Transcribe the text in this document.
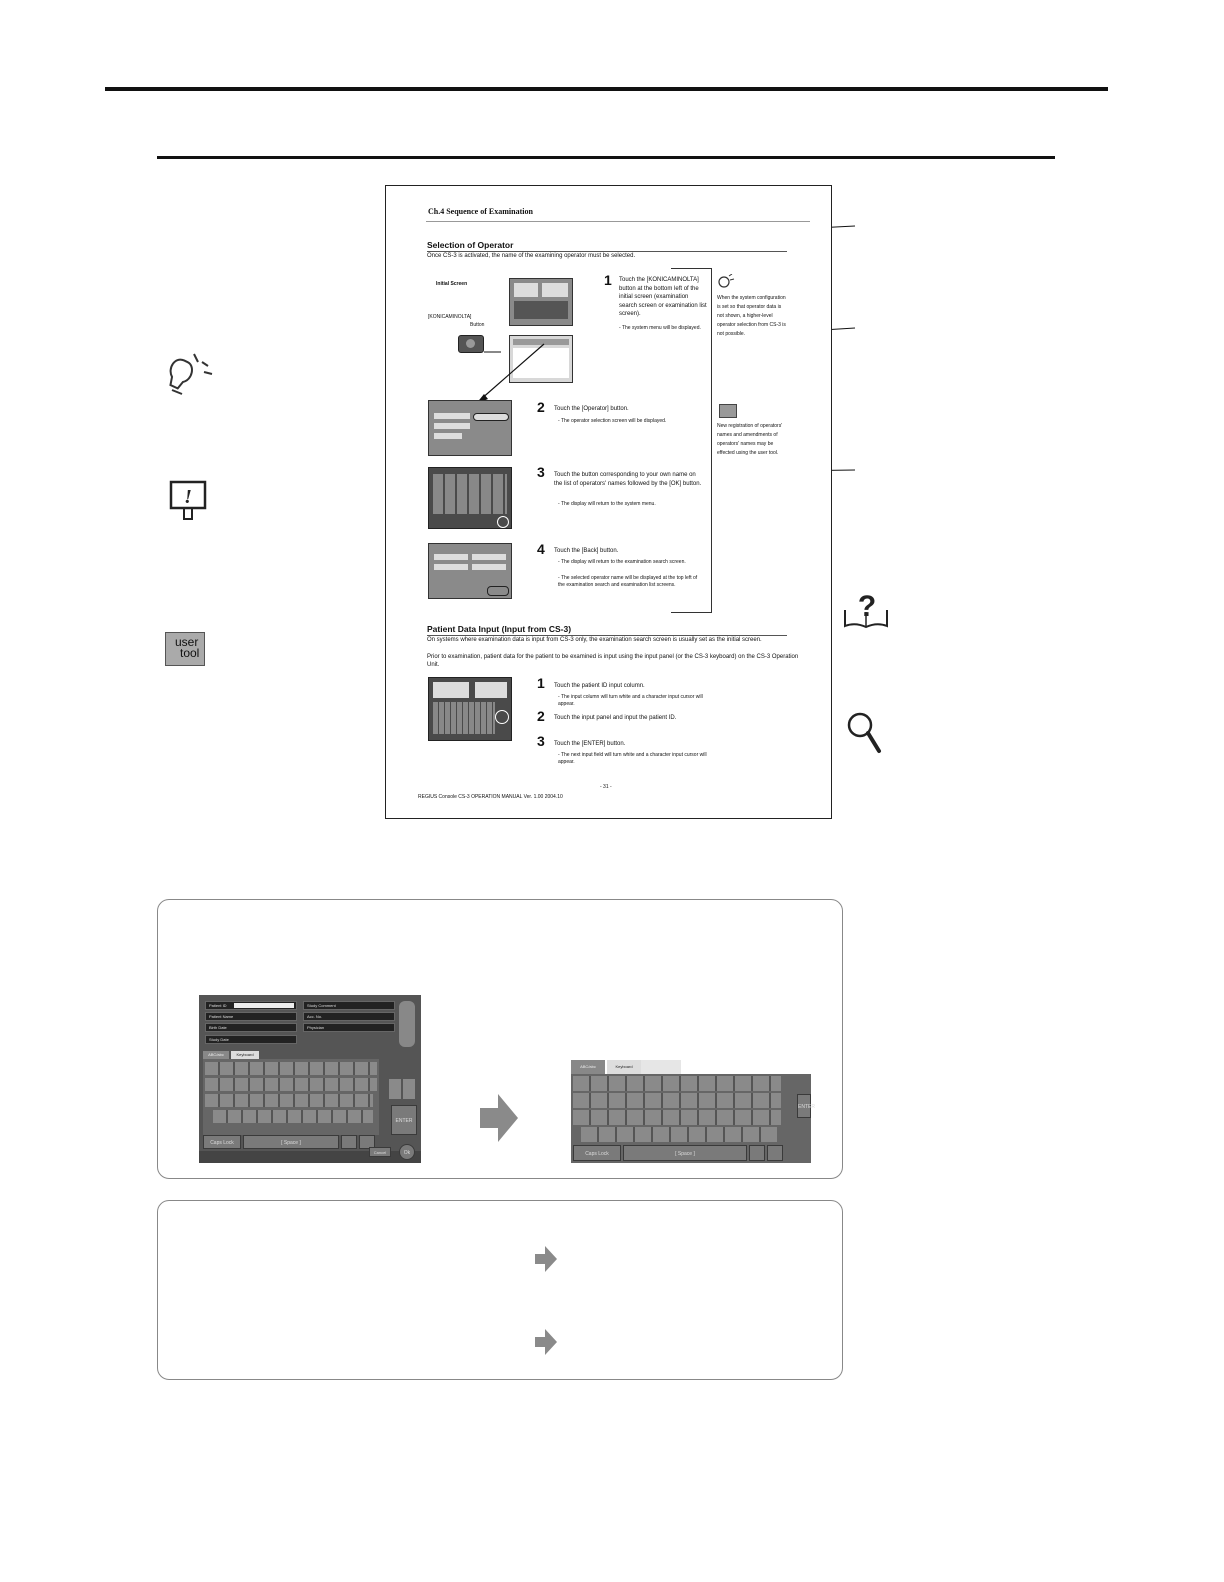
!
user
tool
?
Ch.4 Sequence of Examination
Selection of Operator
Once CS-3 is activated, the name of the examining operator must be selected.
Initial Screen
[KONICAMINOLTA]
Button
1 Touch the [KONICAMINOLTA] button at the bottom left of the initial screen (examination search screen or examination list screen).
- The system menu will be displayed.
2 Touch the [Operator] button.
- The operator selection screen will be displayed.
3 Touch the button corresponding to your own name on the list of operators' names followed by the [OK] button.
- The display will return to the system menu.
4 Touch the [Back] button.
- The display will return to the examination search screen.
- The selected operator name will be displayed at the top left of the examination search and examination list screens.
When the system configuration is set so that operator data is not shown, a higher-level operator selection from CS-3 is not possible.
New registration of operators' names and amendments of operators' names may be effected using the user tool.
Patient Data Input (Input from CS-3)
On systems where examination data is input from CS-3 only, the examination search screen is usually set as the initial screen.
Prior to examination, patient data for the patient to be examined is input using the input panel (or the CS-3 keyboard) on the CS-3 Operation Unit.
1 Touch the patient ID input column.
- The input column will turn white and a character input cursor will appear.
2 Touch the input panel and input the patient ID.
3 Touch the [ENTER] button.
- The next input field will turn white and a character input cursor will appear.
- 31 -
REGIUS Console CS-3 OPERATION MANUAL Ver. 1.00 2004.10
Patient ID
Patient Name
Birth Date
Study Date
Study Comment
Acc. No.
Physician
ABC/abc	Keyboard
Caps Lock	[ Space ]
ENTER
Cancel	Ok
ABC/abc	Keyboard
Caps Lock	[ Space ]
ENTER
